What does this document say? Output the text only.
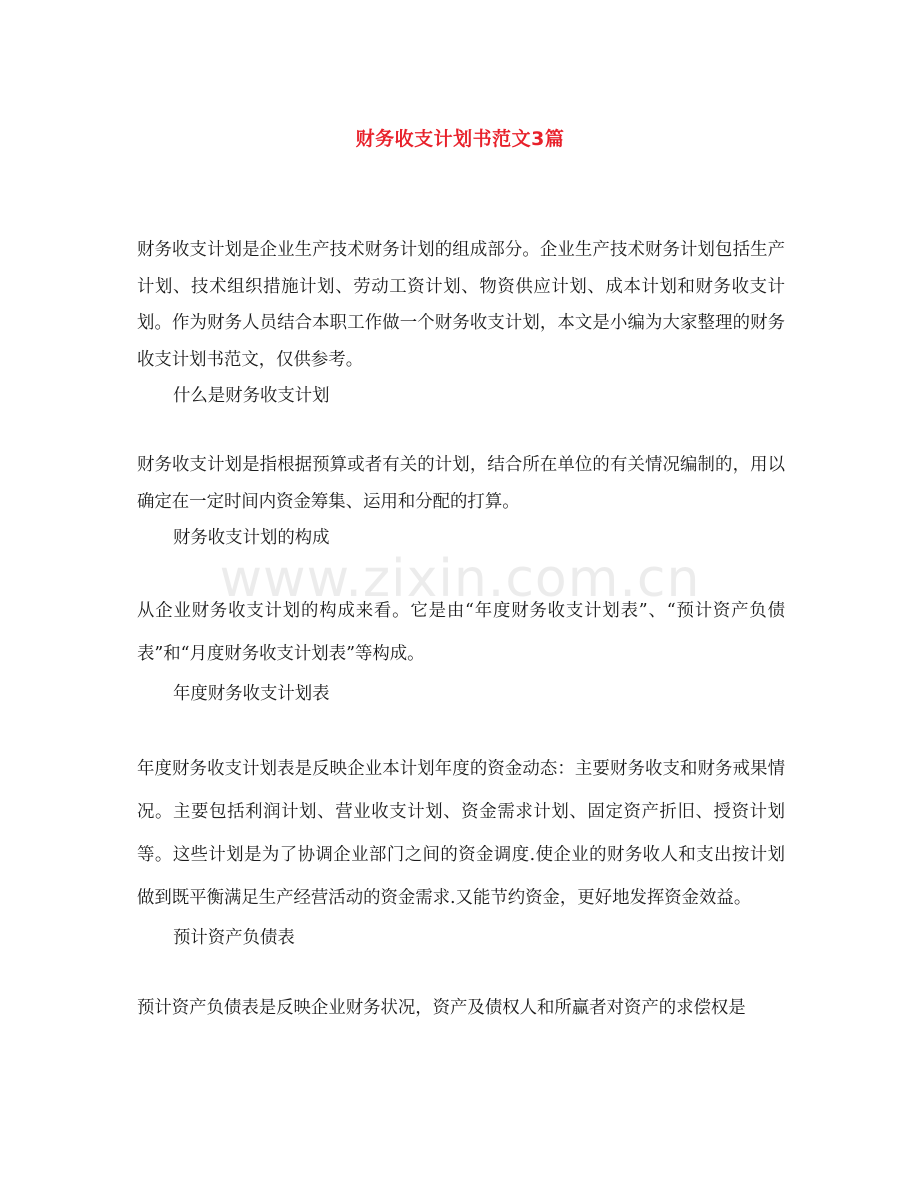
财务收支计划书范文3篇
www.zixin.com.cn

财务收支计划是企业生产技术财务计划的组成部分。企业生产技术财务计划包括生产计划、技术组织措施计划、劳动工资计划、物资供应计划、成本计划和财务收支计划。作为财务人员结合本职工作做一个财务收支计划，本文是小编为大家整理的财务收支计划书范文，仅供参考。

什么是财务收支计划

财务收支计划是指根据预算或者有关的计划，结合所在单位的有关情况编制的，用以确定在一定时间内资金筹集、运用和分配的打算。

财务收支计划的构成

从企业财务收支计划的构成来看。它是由“年度财务收支计划表”、“预计资产负债表”和“月度财务收支计划表”等构成。

年度财务收支计划表

年度财务收支计划表是反映企业本计划年度的资金动态：主要财务收支和财务戒果情况。主要包括利润计划、营业收支计划、资金需求计划、固定资产折旧、授资计划等。这些计划是为了协调企业部门之间的资金调度.使企业的财务收人和支出按计划做到既平衡满足生产经营活动的资金需求.又能节约资金，更好地发挥资金效益。

预计资产负债表

预计资产负债表是反映企业财务状况，资产及债权人和所赢者对资产的求偿权是
